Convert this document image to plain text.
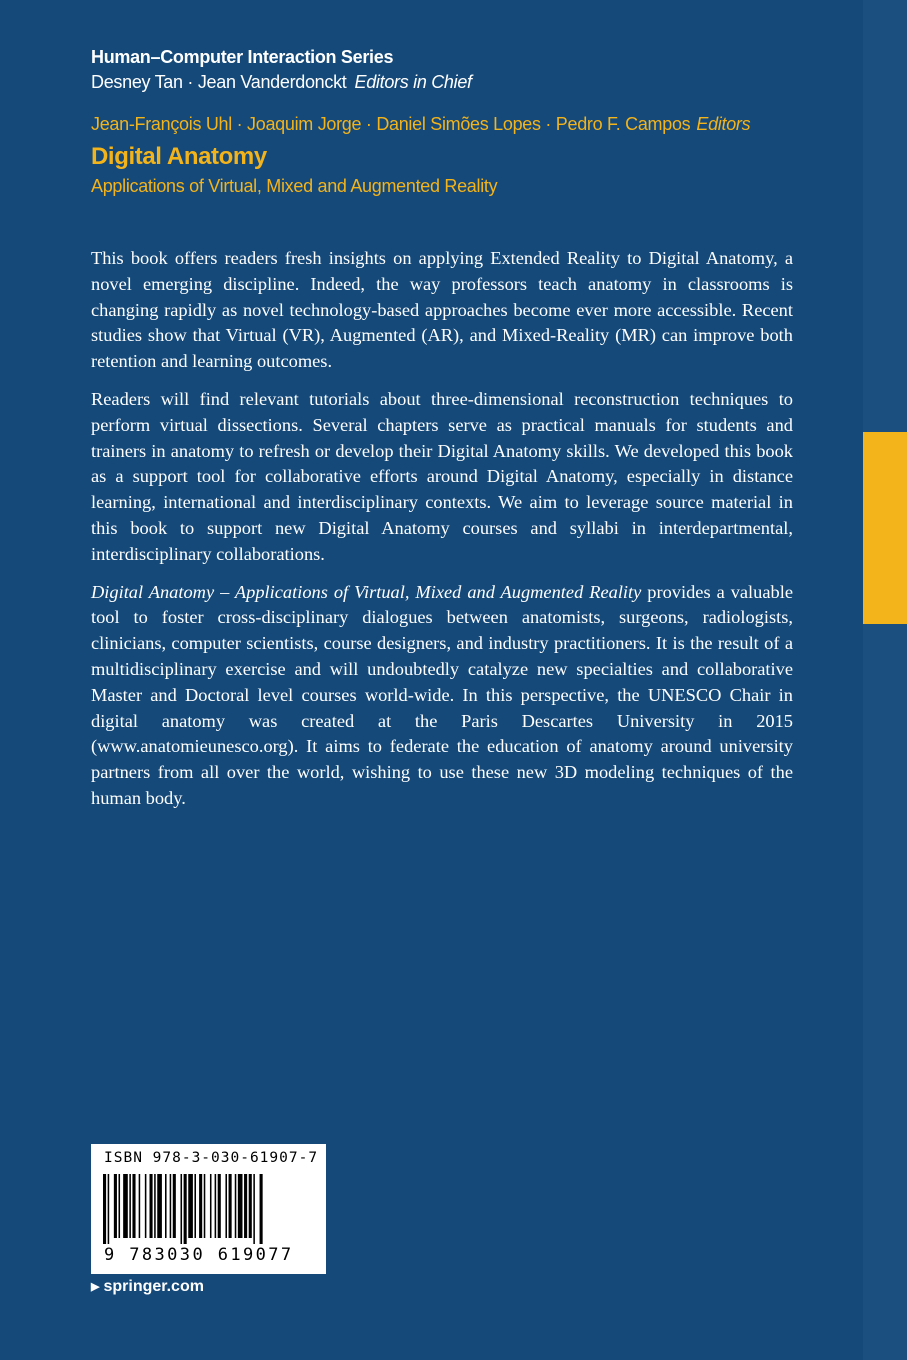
Human–Computer Interaction Series
Desney Tan · Jean Vanderdonckt Editors in Chief
Jean-François Uhl · Joaquim Jorge · Daniel Simões Lopes · Pedro F. Campos Editors
Digital Anatomy
Applications of Virtual, Mixed and Augmented Reality

This book offers readers fresh insights on applying Extended Reality to Digital Anatomy, a novel emerging discipline. Indeed, the way professors teach anatomy in classrooms is changing rapidly as novel technology-based approaches become ever more accessible. Recent studies show that Virtual (VR), Augmented (AR), and Mixed-Reality (MR) can improve both retention and learning outcomes.

Readers will find relevant tutorials about three-dimensional reconstruction techniques to perform virtual dissections. Several chapters serve as practical manuals for students and trainers in anatomy to refresh or develop their Digital Anatomy skills. We developed this book as a support tool for collaborative efforts around Digital Anatomy, especially in distance learning, international and interdisciplinary contexts. We aim to leverage source material in this book to support new Digital Anatomy courses and syllabi in interdepartmental, interdisciplinary collaborations.

Digital Anatomy – Applications of Virtual, Mixed and Augmented Reality provides a valuable tool to foster cross-disciplinary dialogues between anatomists, surgeons, radiologists, clinicians, computer scientists, course designers, and industry practitioners. It is the result of a multidisciplinary exercise and will undoubtedly catalyze new specialties and collaborative Master and Doctoral level courses world-wide. In this perspective, the UNESCO Chair in digital anatomy was created at the Paris Descartes University in 2015 (www.anatomieunesco.org). It aims to federate the education of anatomy around university partners from all over the world, wishing to use these new 3D modeling techniques of the human body.

ISBN 978-3-030-61907-7
9 783030 619077
▶ springer.com
